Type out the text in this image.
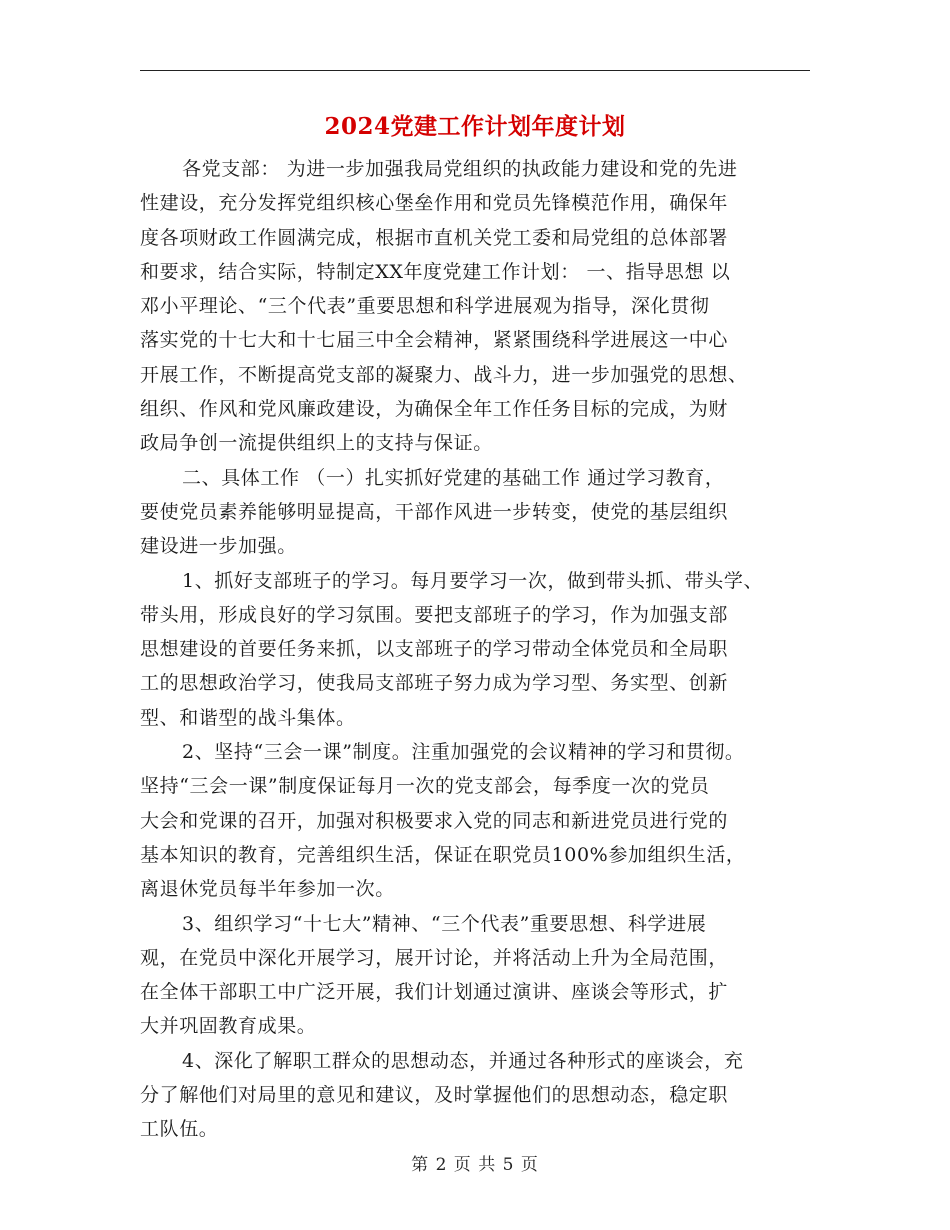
2024党建工作计划年度计划
各党支部： 为进一步加强我局党组织的执政能力建设和党的先进
性建设，充分发挥党组织核心堡垒作用和党员先锋模范作用，确保年
度各项财政工作圆满完成，根据市直机关党工委和局党组的总体部署
和要求，结合实际，特制定XX年度党建工作计划： 一、指导思想 以
邓小平理论、“三个代表”重要思想和科学进展观为指导，深化贯彻
落实党的十七大和十七届三中全会精神，紧紧围绕科学进展这一中心
开展工作，不断提高党支部的凝聚力、战斗力，进一步加强党的思想、
组织、作风和党风廉政建设，为确保全年工作任务目标的完成，为财
政局争创一流提供组织上的支持与保证。
二、具体工作 （一）扎实抓好党建的基础工作 通过学习教育，
要使党员素养能够明显提高，干部作风进一步转变，使党的基层组织
建设进一步加强。
1、抓好支部班子的学习。每月要学习一次，做到带头抓、带头学、
带头用，形成良好的学习氛围。要把支部班子的学习，作为加强支部
思想建设的首要任务来抓，以支部班子的学习带动全体党员和全局职
工的思想政治学习，使我局支部班子努力成为学习型、务实型、创新
型、和谐型的战斗集体。
2、坚持“三会一课”制度。注重加强党的会议精神的学习和贯彻。
坚持“三会一课”制度保证每月一次的党支部会，每季度一次的党员
大会和党课的召开，加强对积极要求入党的同志和新进党员进行党的
基本知识的教育，完善组织生活，保证在职党员100%参加组织生活，
离退休党员每半年参加一次。
3、组织学习“十七大”精神、“三个代表”重要思想、科学进展
观，在党员中深化开展学习，展开讨论，并将活动上升为全局范围，
在全体干部职工中广泛开展，我们计划通过演讲、座谈会等形式，扩
大并巩固教育成果。
4、深化了解职工群众的思想动态，并通过各种形式的座谈会，充
分了解他们对局里的意见和建议，及时掌握他们的思想动态，稳定职
工队伍。
第 2 页 共 5 页
